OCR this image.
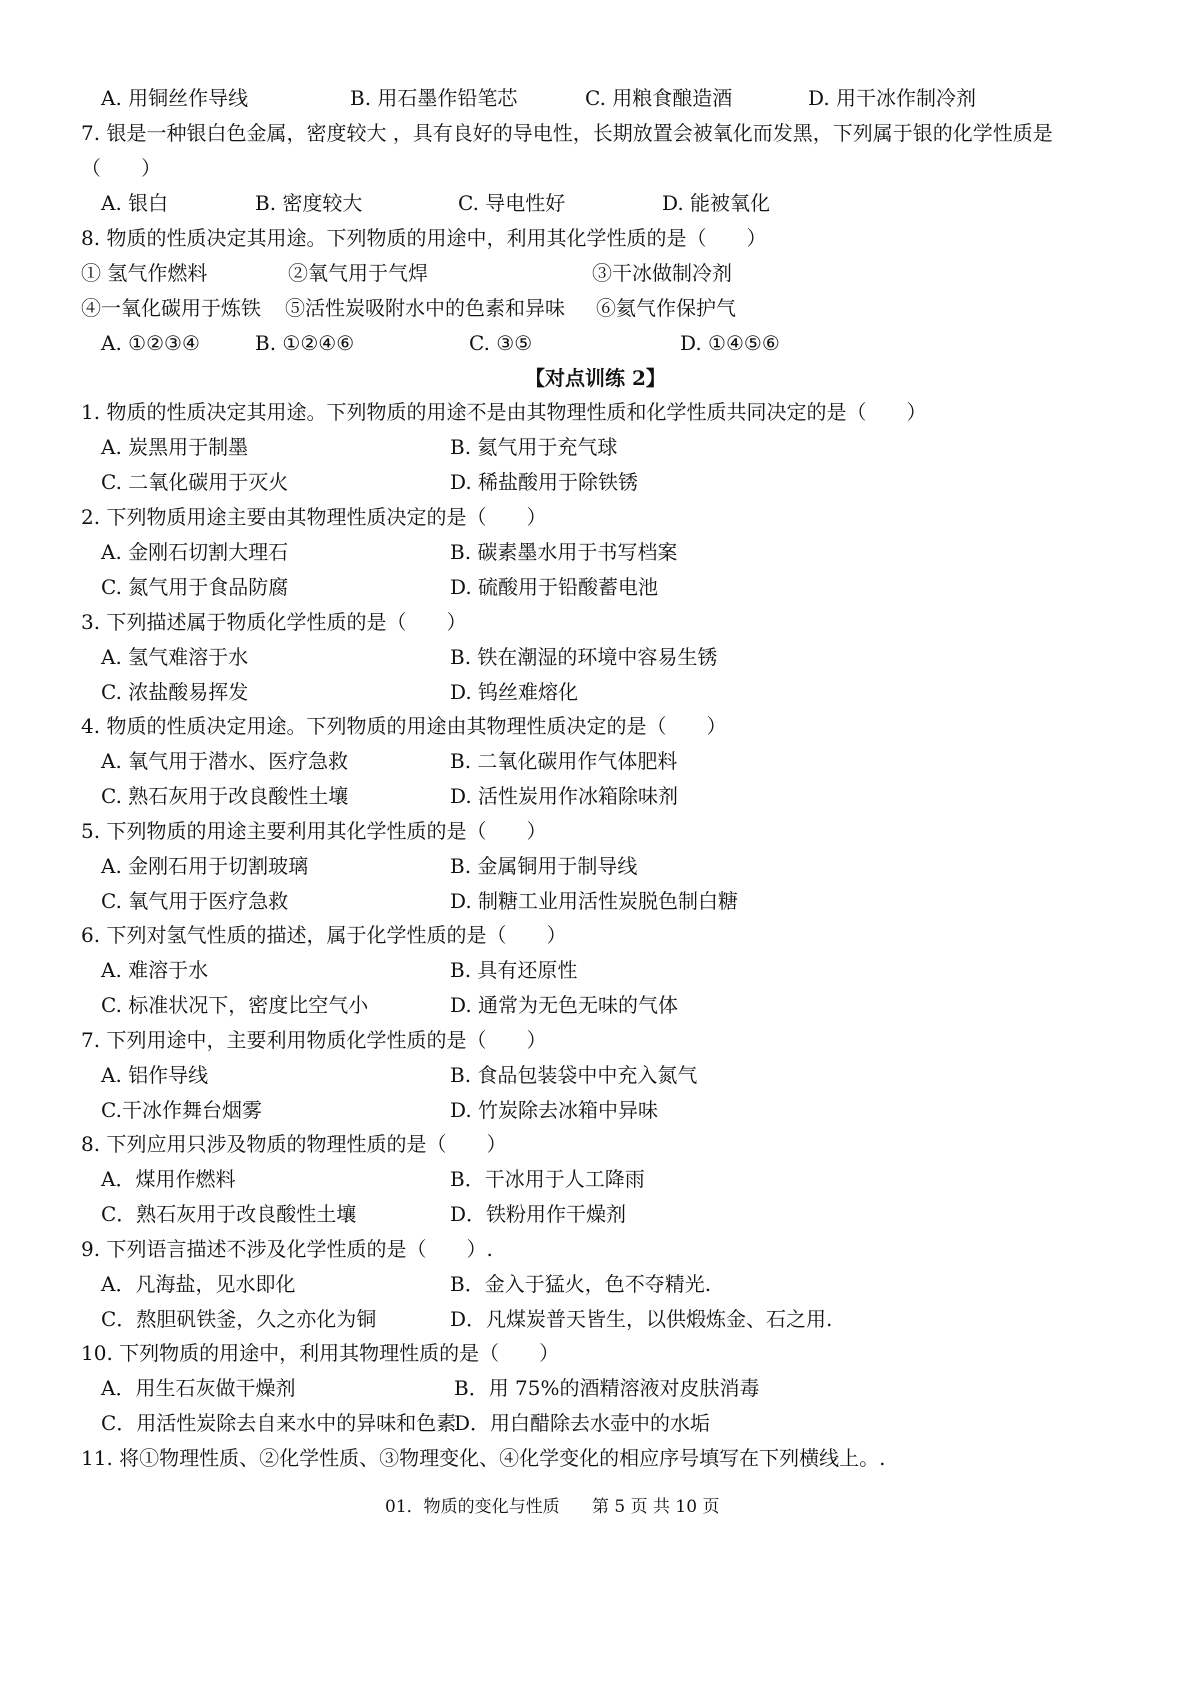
A. 用铜丝作导线	B. 用石墨作铅笔芯	C. 用粮食酿造酒	D. 用干冰作制冷剂
7. 银是一种银白色金属，密度较大 ，具有良好的导电性，长期放置会被氧化而发黑，下列属于银的化学性质是
（　　）
A. 银白	B. 密度较大	C. 导电性好	D. 能被氧化
8. 物质的性质决定其用途。下列物质的用途中，利用其化学性质的是（　　）
① 氢气作燃料	②氧气用于气焊	③干冰做制冷剂
④一氧化碳用于炼铁 ⑤活性炭吸附水中的色素和异味 ⑥氦气作保护气
A. ①②③④	B. ①②④⑥	C. ③⑤	D. ①④⑤⑥
【对点训练 2】
1. 物质的性质决定其用途。下列物质的用途不是由其物理性质和化学性质共同决定的是（　　）
A. 炭黑用于制墨	B. 氦气用于充气球
C. 二氧化碳用于灭火	D. 稀盐酸用于除铁锈
2. 下列物质用途主要由其物理性质决定的是（　　）
A. 金刚石切割大理石	B. 碳素墨水用于书写档案
C. 氮气用于食品防腐	D. 硫酸用于铅酸蓄电池
3. 下列描述属于物质化学性质的是（　　）
A. 氢气难溶于水	B. 铁在潮湿的环境中容易生锈
C. 浓盐酸易挥发	D. 钨丝难熔化
4. 物质的性质决定用途。下列物质的用途由其物理性质决定的是（　　）
A. 氧气用于潜水、医疗急救	B. 二氧化碳用作气体肥料
C. 熟石灰用于改良酸性土壤	D. 活性炭用作冰箱除味剂
5. 下列物质的用途主要利用其化学性质的是（　　）
A. 金刚石用于切割玻璃	B. 金属铜用于制导线
C. 氧气用于医疗急救	D. 制糖工业用活性炭脱色制白糖
6. 下列对氢气性质的描述，属于化学性质的是（　　）
A. 难溶于水	B. 具有还原性
C. 标准状况下，密度比空气小	D. 通常为无色无味的气体
7. 下列用途中，主要利用物质化学性质的是（　　）
A. 铝作导线	B. 食品包装袋中中充入氮气
C.干冰作舞台烟雾	D. 竹炭除去冰箱中异味
8. 下列应用只涉及物质的物理性质的是（　　）
A．煤用作燃料	B．干冰用于人工降雨
C．熟石灰用于改良酸性土壤	D．铁粉用作干燥剂
9. 下列语言描述不涉及化学性质的是（　　）.
A．凡海盐，见水即化	B．金入于猛火，色不夺精光.
C．熬胆矾铁釜，久之亦化为铜	D．凡煤炭普天皆生，以供煅炼金、石之用.
10. 下列物质的用途中，利用其物理性质的是（　　）
A．用生石灰做干燥剂	B．用 75%的酒精溶液对皮肤消毒
C．用活性炭除去自来水中的异味和色素
D．用白醋除去水壶中的水垢
11. 将①物理性质、②化学性质、③物理变化、④化学变化的相应序号填写在下列横线上。.
01．物质的变化与性质 第 5 页 共 10 页
